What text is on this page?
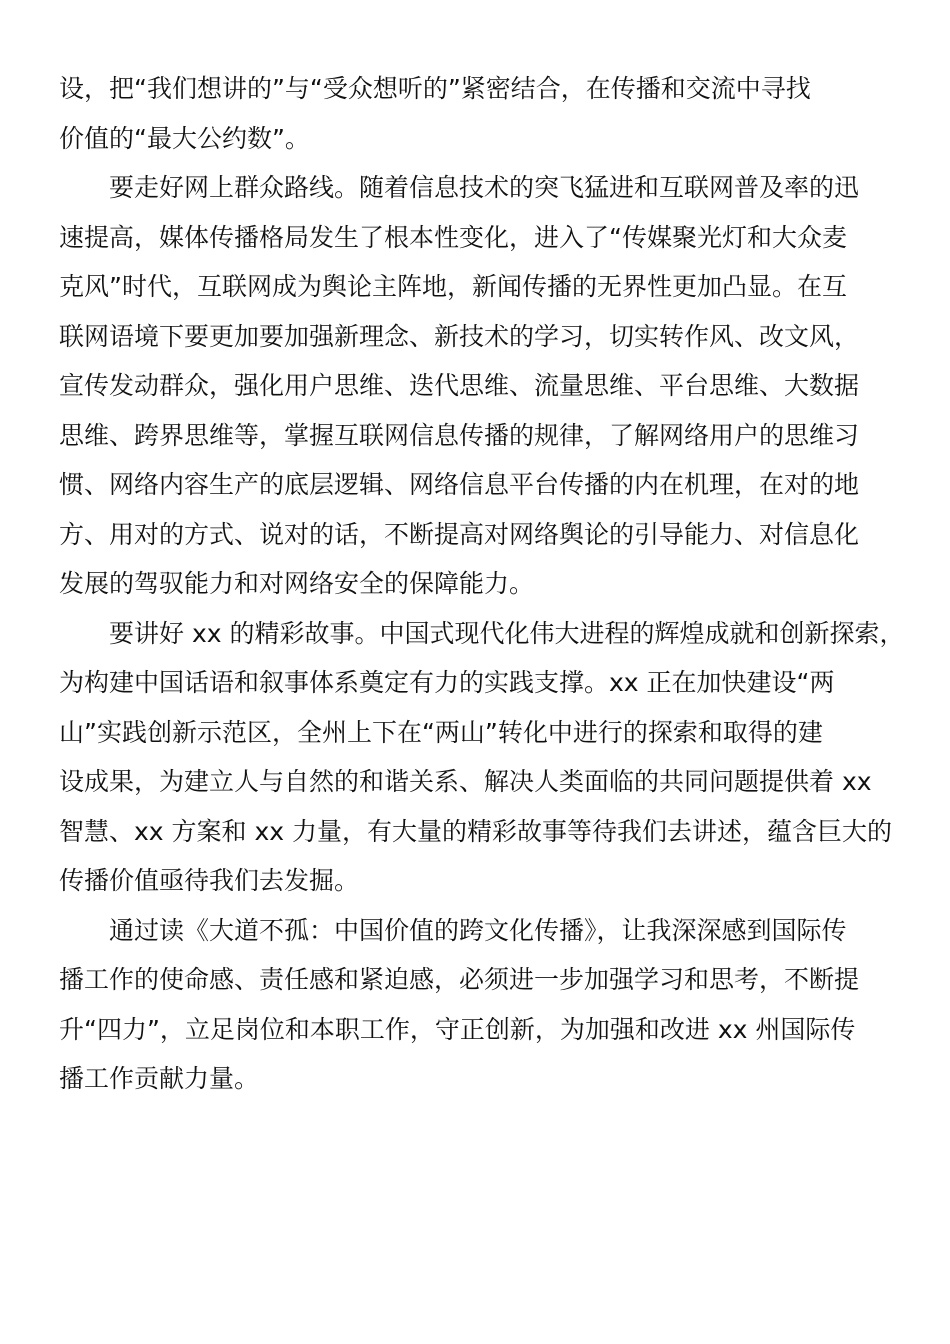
设，把“我们想讲的”与“受众想听的”紧密结合，在传播和交流中寻找
价值的“最大公约数”。
要走好网上群众路线。随着信息技术的突飞猛进和互联网普及率的迅
速提高，媒体传播格局发生了根本性变化，进入了“传媒聚光灯和大众麦
克风”时代，互联网成为舆论主阵地，新闻传播的无界性更加凸显。在互
联网语境下要更加要加强新理念、新技术的学习，切实转作风、改文风，
宣传发动群众，强化用户思维、迭代思维、流量思维、平台思维、大数据
思维、跨界思维等，掌握互联网信息传播的规律，了解网络用户的思维习
惯、网络内容生产的底层逻辑、网络信息平台传播的内在机理，在对的地
方、用对的方式、说对的话，不断提高对网络舆论的引导能力、对信息化
发展的驾驭能力和对网络安全的保障能力。
要讲好 xx 的精彩故事。中国式现代化伟大进程的辉煌成就和创新探索，
为构建中国话语和叙事体系奠定有力的实践支撑。xx 正在加快建设“两
山”实践创新示范区，全州上下在“两山”转化中进行的探索和取得的建
设成果，为建立人与自然的和谐关系、解决人类面临的共同问题提供着 xx
智慧、xx 方案和 xx 力量，有大量的精彩故事等待我们去讲述，蕴含巨大的
传播价值亟待我们去发掘。
通过读《大道不孤：中国价值的跨文化传播》，让我深深感到国际传
播工作的使命感、责任感和紧迫感，必须进一步加强学习和思考，不断提
升“四力”，立足岗位和本职工作，守正创新，为加强和改进 xx 州国际传
播工作贡献力量。
